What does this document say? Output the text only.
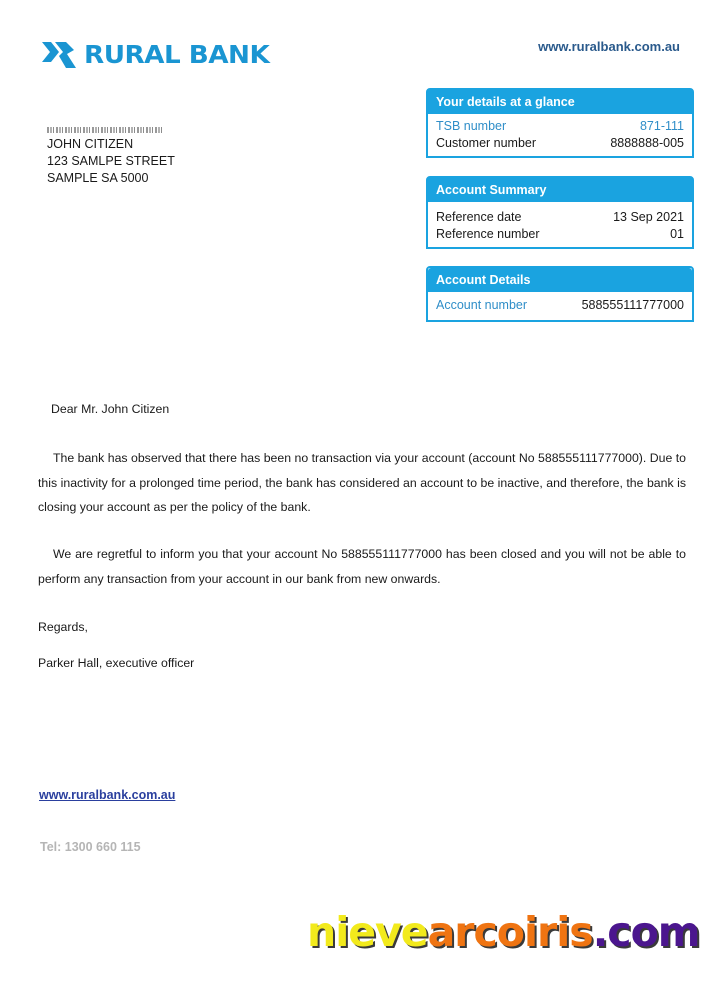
RURAL BANK	www.ruralbank.com.au
JOHN CITIZEN
123 SAMLPE STREET
SAMPLE SA 5000
Your details at a glance
TSB number	871-111
Customer number	8888888-005
Account Summary
Reference date	13 Sep 2021
Reference number	01
Account Details
Account number	588555111777000
Dear Mr. John Citizen
The bank has observed that there has been no transaction via your account (account No 588555111777000). Due to this inactivity for a prolonged time period, the bank has considered an account to be inactive, and therefore, the bank is closing your account as per the policy of the bank.
We are regretful to inform you that your account No 588555111777000 has been closed and you will not be able to perform any transaction from your account in our bank from new onwards.
Regards,
Parker Hall, executive officer
www.ruralbank.com.au
Tel: 1300 660 115
nievearcoiris.com
